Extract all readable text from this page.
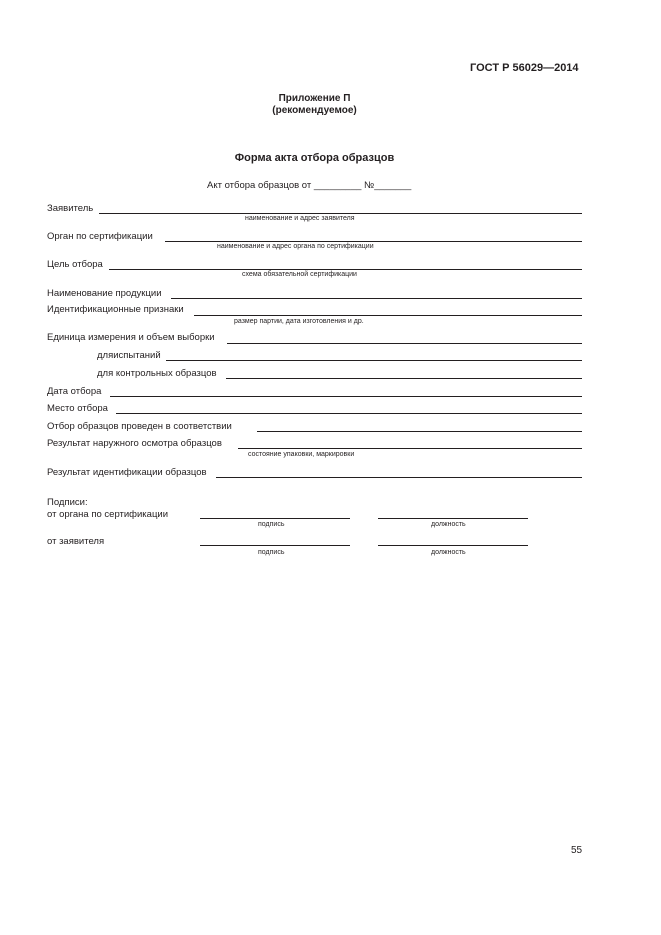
ГОСТ Р 56029—2014
Приложение П
(рекомендуемое)
Форма акта отбора образцов
Акт отбора образцов от _________ №_______
Заявитель
наименование и адрес заявителя
Орган по сертификации
наименование и адрес органа по сертификации
Цель отбора
схема обязательной сертификации
Наименование продукции
Идентификационные признаки
размер партии, дата изготовления и др.
Единица измерения и объем выборки
дляиспытаний
для контрольных образцов
Дата отбора
Место отбора
Отбор образцов проведен в соответствии
Результат наружного осмотра образцов
состояние упаковки, маркировки
Результат идентификации образцов
Подписи:
от органа по сертификации
подпись	должность
от заявителя
подпись	должность
55
